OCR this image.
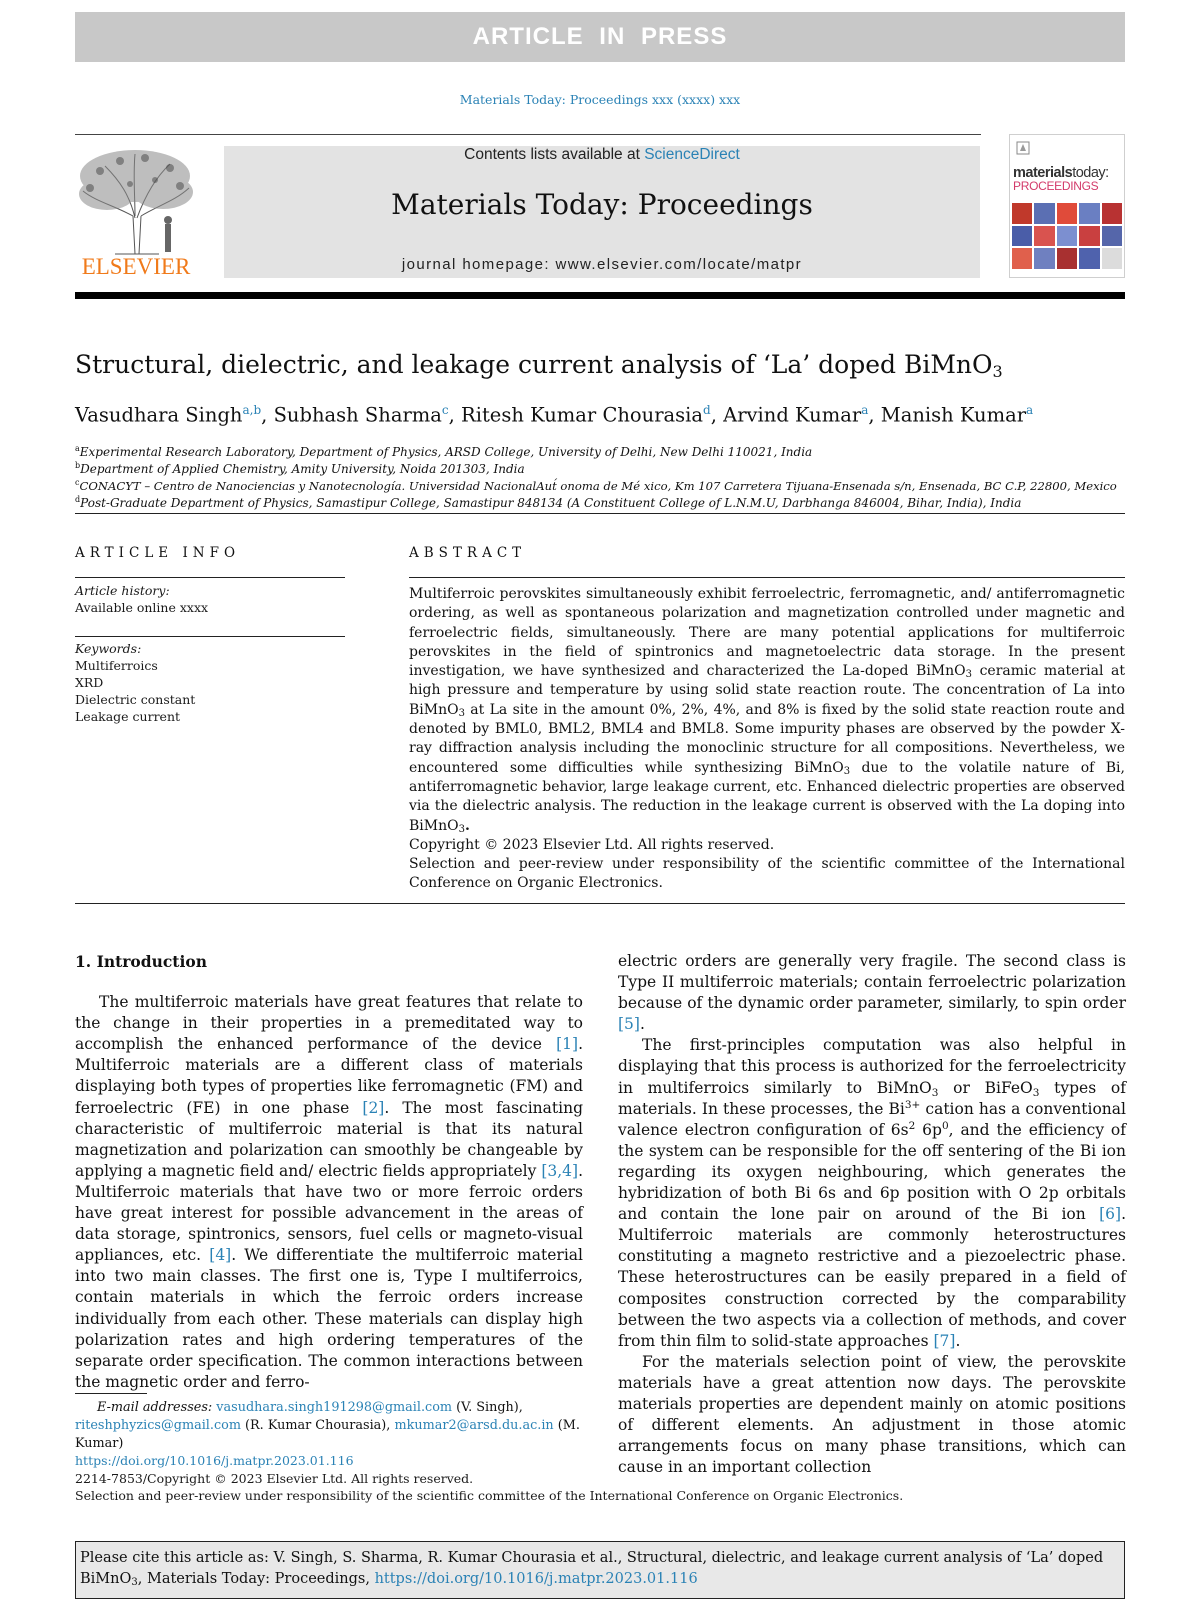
ARTICLE IN PRESS
Materials Today: Proceedings xxx (xxxx) xxx
ELSEVIER
Contents lists available at ScienceDirect
Materials Today: Proceedings
journal homepage: www.elsevier.com/locate/matpr
materialstoday:
PROCEEDINGS
Structural, dielectric, and leakage current analysis of ‘La’ doped BiMnO$_3$
Vasudhara Singh$^{a,b}$, Subhash Sharma$^c$, Ritesh Kumar Chourasia$^d$, Arvind Kumar$^a$, Manish Kumar$^a$
$^a$Experimental Research Laboratory, Department of Physics, ARSD College, University of Delhi, New Delhi 110021, India
$^b$Department of Applied Chemistry, Amity University, Noida 201303, India
$^c$CONACYT – Centro de Nanociencias y Nanotecnología. Universidad NacionalAut́ onoma de Mé xico, Km 107 Carretera Tijuana-Ensenada s/n, Ensenada, BC C.P, 22800, Mexico
$^d$Post-Graduate Department of Physics, Samastipur College, Samastipur 848134 (A Constituent College of L.N.M.U, Darbhanga 846004, Bihar, India), India
ARTICLE INFO
Article history:
Available online xxxx
Keywords:
Multiferroics
XRD
Dielectric constant
Leakage current
ABSTRACT
Multiferroic perovskites simultaneously exhibit ferroelectric, ferromagnetic, and/ antiferromagnetic ordering, as well as spontaneous polarization and magnetization controlled under magnetic and ferroelectric fields, simultaneously. There are many potential applications for multiferroic perovskites in the field of spintronics and magnetoelectric data storage. In the present investigation, we have synthesized and characterized the La-doped BiMnO$_3$ ceramic material at high pressure and temperature by using solid state reaction route. The concentration of La into BiMnO$_3$ at La site in the amount 0%, 2%, 4%, and 8% is fixed by the solid state reaction route and denoted by BML0, BML2, BML4 and BML8. Some impurity phases are observed by the powder X-ray diffraction analysis including the monoclinic structure for all compositions. Nevertheless, we encountered some difficulties while synthesizing BiMnO$_3$ due to the volatile nature of Bi, antiferromagnetic behavior, large leakage current, etc. Enhanced dielectric properties are observed via the dielectric analysis. The reduction in the leakage current is observed with the La doping into BiMnO$_3$.
Copyright © 2023 Elsevier Ltd. All rights reserved.
Selection and peer-review under responsibility of the scientific committee of the International Conference on Organic Electronics.
1. Introduction

The multiferroic materials have great features that relate to the change in their properties in a premeditated way to accomplish the enhanced performance of the device [1]. Multiferroic materials are a different class of materials displaying both types of properties like ferromagnetic (FM) and ferroelectric (FE) in one phase [2]. The most fascinating characteristic of multiferroic material is that its natural magnetization and polarization can smoothly be changeable by applying a magnetic field and/ electric fields appropriately [3,4]. Multiferroic materials that have two or more ferroic orders have great interest for possible advancement in the areas of data storage, spintronics, sensors, fuel cells or magneto-visual appliances, etc. [4]. We differentiate the multiferroic material into two main classes. The first one is, Type I multiferroics, contain materials in which the ferroic orders increase individually from each other. These materials can display high polarization rates and high ordering temperatures of the separate order specification. The common interactions between the magnetic order and ferro-

electric orders are generally very fragile. The second class is Type II multiferroic materials; contain ferroelectric polarization because of the dynamic order parameter, similarly, to spin order [5].

The first-principles computation was also helpful in displaying that this process is authorized for the ferroelectricity in multiferroics similarly to BiMnO$_3$ or BiFeO$_3$ types of materials. In these processes, the $Bi^{3+}$ cation has a conventional valence electron configuration of $6s^2$ $6p^0$, and the efficiency of the system can be responsible for the off sentering of the Bi ion regarding its oxygen neighbouring, which generates the hybridization of both Bi 6s and 6p position with O 2p orbitals and contain the lone pair on around of the Bi ion [6]. Multiferroic materials are commonly heterostructures constituting a magneto restrictive and a piezoelectric phase. These heterostructures can be easily prepared in a field of composites construction corrected by the comparability between the two aspects via a collection of methods, and cover from thin film to solid-state approaches [7].

For the materials selection point of view, the perovskite materials have a great attention now days. The perovskite materials properties are dependent mainly on atomic positions of different elements. An adjustment in those atomic arrangements focus on many phase transitions, which can cause in an important collection

E-mail addresses: vasudhara.singh191298@gmail.com (V. Singh), riteshphyzics@gmail.com (R. Kumar Chourasia), mkumar2@arsd.du.ac.in (M. Kumar)
https://doi.org/10.1016/j.matpr.2023.01.116
2214-7853/Copyright © 2023 Elsevier Ltd. All rights reserved.
Selection and peer-review under responsibility of the scientific committee of the International Conference on Organic Electronics.
Please cite this article as: V. Singh, S. Sharma, R. Kumar Chourasia et al., Structural, dielectric, and leakage current analysis of ‘La’ doped BiMnO$_3$, Materials Today: Proceedings, https://doi.org/10.1016/j.matpr.2023.01.116
